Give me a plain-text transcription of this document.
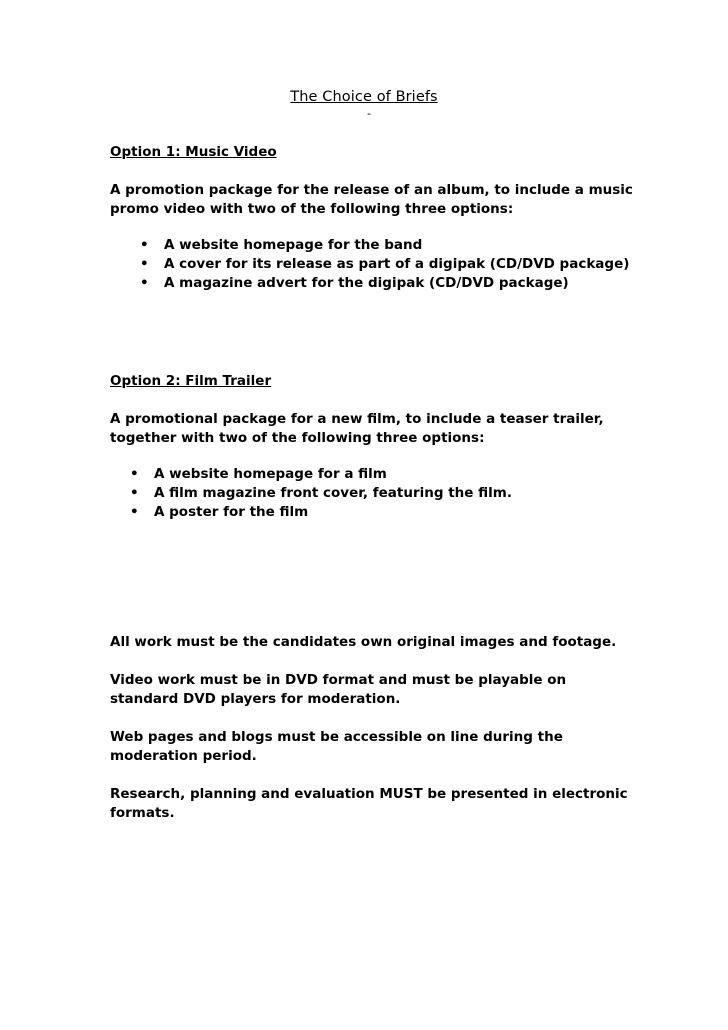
The Choice of Briefs
-

Option 1: Music Video

A promotion package for the release of an album, to include a music

promo video with two of the following three options:

• A website homepage for the band
• A cover for its release as part of a digipak (CD/DVD package)
• A magazine advert for the digipak (CD/DVD package)

Option 2: Film Trailer

A promotional package for a new film, to include a teaser trailer,

together with two of the following three options:

• A website homepage for a film
• A film magazine front cover, featuring the film.
• A poster for the film

All work must be the candidates own original images and footage.

Video work must be in DVD format and must be playable on

standard DVD players for moderation.

Web pages and blogs must be accessible on line during the

moderation period.

Research, planning and evaluation MUST be presented in electronic

formats.
